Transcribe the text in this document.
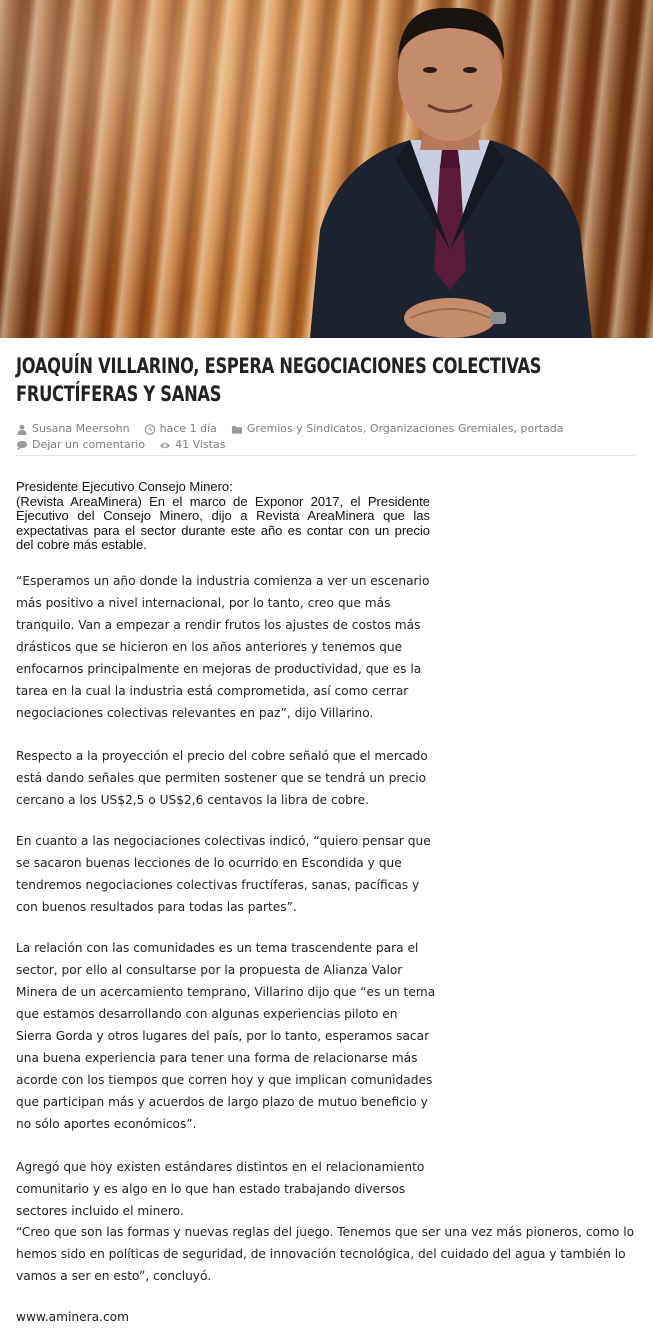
JOAQUÍN VILLARINO, ESPERA NEGOCIACIONES COLECTIVAS FRUCTÍFERAS Y SANAS
Susana Meersohn	hace 1 día	Gremios y Sindicatos, Organizaciones Gremiales, portada
Dejar un comentario	41 Vistas

Presidente Ejecutivo Consejo Minero:

(Revista AreaMinera) En el marco de Exponor 2017, el Presidente Ejecutivo del Consejo Minero, dijo a Revista AreaMinera que las expectativas para el sector durante este año es contar con un precio del cobre más estable.

“Esperamos un año donde la industria comienza a ver un escenario más positivo a nivel internacional, por lo tanto, creo que más tranquilo. Van a empezar a rendir frutos los ajustes de costos más drásticos que se hicieron en los años anteriores y tenemos que enfocarnos principalmente en mejoras de productividad, que es la tarea en la cual la industria está comprometida, así como cerrar negociaciones colectivas relevantes en paz”, dijo Villarino.

Respecto a la proyección el precio del cobre señaló que el mercado está dando señales que permiten sostener que se tendrá un precio cercano a los US$2,5 o US$2,6 centavos la libra de cobre.

En cuanto a las negociaciones colectivas indicó, “quiero pensar que se sacaron buenas lecciones de lo ocurrido en Escondida y que tendremos negociaciones colectivas fructíferas, sanas, pacíficas y con buenos resultados para todas las partes”.

La relación con las comunidades es un tema trascendente para el sector, por ello al consultarse por la propuesta de Alianza Valor Minera de un acercamiento temprano, Villarino dijo que “es un tema que estamos desarrollando con algunas experiencias piloto en Sierra Gorda y otros lugares del país, por lo tanto, esperamos sacar una buena experiencia para tener una forma de relacionarse más acorde con los tiempos que corren hoy y que implican comunidades que participan más y acuerdos de largo plazo de mutuo beneficio y no sólo aportes económicos”.

Agregó que hoy existen estándares distintos en el relacionamiento comunitario y es algo en lo que han estado trabajando diversos sectores incluido el minero.

“Creo que son las formas y nuevas reglas del juego. Tenemos que ser una vez más pioneros, como lo hemos sido en políticas de seguridad, de innovación tecnológica, del cuidado del agua y también lo vamos a ser en esto”, concluyó.

www.aminera.com
